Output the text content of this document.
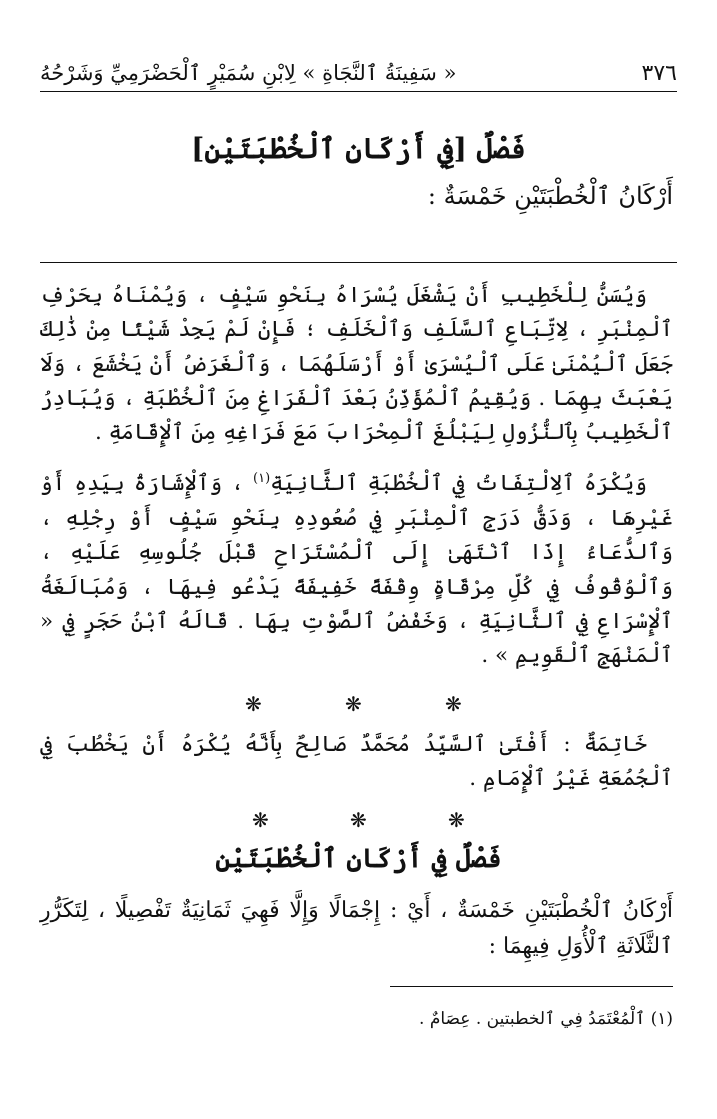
« سَفِينَةُ ٱلنَّجَاةِ » لِابْنِ سُمَيْرٍ ٱلْحَضْرَمِيِّ وَشَرْحُهُ	٣٧٦
فَصْلٌ [فِي أَرْكَانِ ٱلْخُطْبَتَيْنِ]
أَرْكَانُ ٱلْخُطْبَتَيْنِ خَمْسَةٌ :

وَيُسَنُّ لِلْخَطِيبِ أَنْ يَشْغَلَ يُسْرَاهُ بِنَحْوِ سَيْفٍ ، وَيُمْنَاهُ بِحَرْفِ ٱلْمِنْبَرِ ، لِاتِّبَاعِ ٱلسَّلَفِ وَٱلْخَلَفِ ؛ فَإِنْ لَمْ يَجِدْ شَيْئًا مِنْ ذَٰلِكَ جَعَلَ ٱلْيُمْنَىٰ عَلَى ٱلْيُسْرَىٰ أَوْ أَرْسَلَهُمَا ، وَٱلْغَرَضُ أَنْ يَخْشَعَ ، وَلَا يَعْبَثَ بِهِمَا . وَيُقِيمُ ٱلْمُؤَذِّنُ بَعْدَ ٱلْفَرَاغِ مِنَ ٱلْخُطْبَةِ ، وَيُبَادِرُ ٱلْخَطِيبُ بِٱلنُّزُولِ لِيَبْلُغَ ٱلْمِحْرَابَ مَعَ فَرَاغِهِ مِنَ ٱلْإِقَامَةِ .

وَيُكْرَهُ ٱلِالْتِفَاتُ فِي ٱلْخُطْبَةِ ٱلثَّانِيَةِ$^{(١)}$ ، وَٱلْإِشَارَةُ بِيَدِهِ أَوْ غَيْرِهَا ، وَدَقُّ دَرَجِ ٱلْمِنْبَرِ فِي صُعُودِهِ بِنَحْوِ سَيْفٍ أَوْ رِجْلِهِ ، وَٱلدُّعَاءُ إِذَا ٱنْتَهَىٰ إِلَى ٱلْمُسْتَرَاحِ قَبْلَ جُلُوسِهِ عَلَيْهِ ، وَٱلْوُقُوفُ فِي كُلِّ مِرْقَاةٍ وِقْفَةً خَفِيفَةً يَدْعُو فِيهَا ، وَمُبَالَغَةُ ٱلْإِسْرَاعِ فِي ٱلثَّانِيَةِ ، وَخَفْضُ ٱلصَّوْتِ بِهَا . قَالَهُ ٱبْنُ حَجَرٍ فِي « ٱلْمَنْهَجِ ٱلْقَوِيمِ » .

❋	❋	❋

خَاتِمَةٌ : أَفْتَىٰ ٱلسَّيِّدُ مُحَمَّدٌ صَالِحٌ بِأَنَّهُ يُكْرَهُ أَنْ يَخْطُبَ فِي ٱلْجُمُعَةِ غَيْرُ ٱلْإِمَامِ .

❋	❋	❋
فَصْلٌ فِي أَرْكَانِ ٱلْخُطْبَتَيْنِ
أَرْكَانُ ٱلْخُطْبَتَيْنِ خَمْسَةٌ ، أَيْ : إِجْمَالًا وَإِلَّا فَهِيَ ثَمَانِيَةٌ تَفْصِيلًا ، لِتَكَرُّرِ ٱلثَّلَاثَةِ ٱلْأُوَلِ فِيهِمَا :
(١) ٱلْمُعْتَمَدُ فِي ٱلخطبتين . عِصَامٌ .
